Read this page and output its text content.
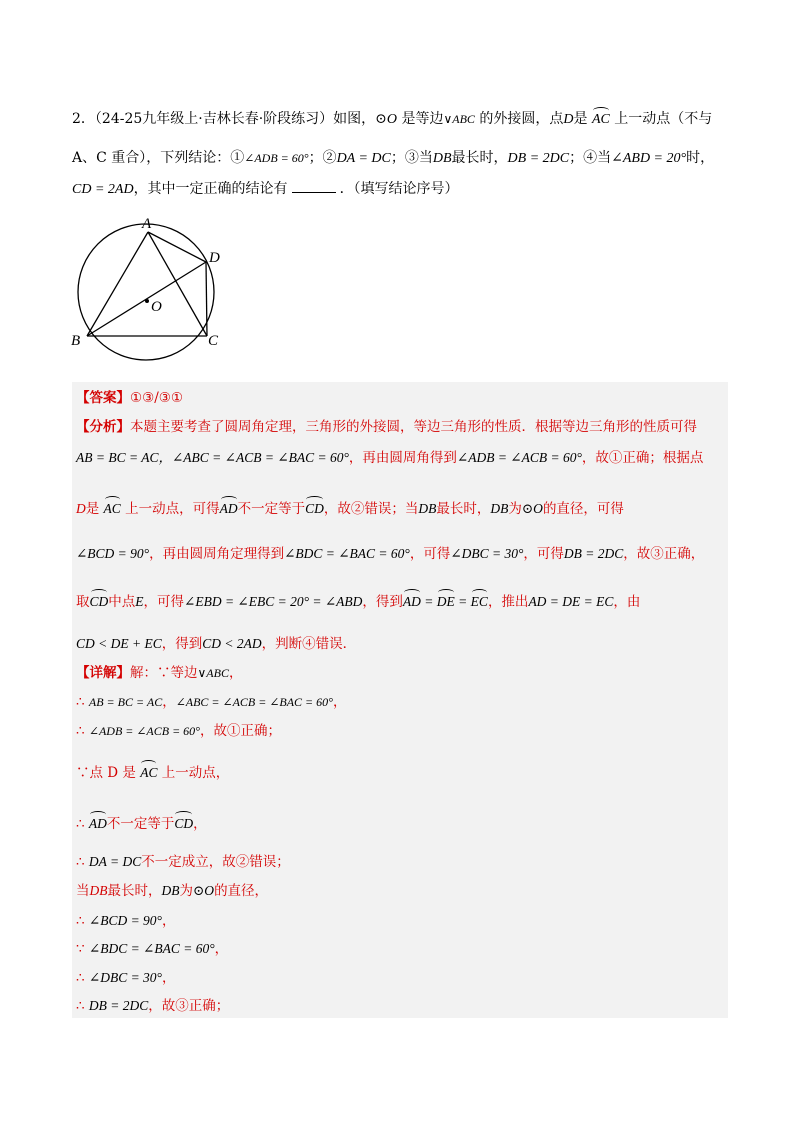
2．（24-25九年级上·吉林长春·阶段练习）如图，⊙O 是等边∨ABC 的外接圆，点D是 AC 上一动点（不与
A、C 重合），下列结论：①∠ADB = 60°；②DA = DC；③当DB最长时，DB = 2DC；④当∠ABD = 20°时，
CD = 2AD，其中一定正确的结论有	．（填写结论序号）
A
D
O
B	C
【答案】①③/③①
【分析】本题主要考查了圆周角定理，三角形的外接圆，等边三角形的性质．根据等边三角形的性质可得
AB = BC = AC，∠ABC = ∠ACB = ∠BAC = 60°，再由圆周角得到∠ADB = ∠ACB = 60°，故①正确；根据点
D是 AC 上一动点，可得AD不一定等于CD，故②错误；当DB最长时，DB为⊙O的直径，可得
∠BCD = 90°，再由圆周角定理得到∠BDC = ∠BAC = 60°，可得∠DBC = 30°，可得DB = 2DC，故③正确，
取CD中点E，可得∠EBD = ∠EBC = 20° = ∠ABD，得到AD = DE = EC，推出AD = DE = EC，由
CD < DE + EC，得到CD < 2AD，判断④错误．
【详解】解：∵等边∨ABC，
∴ AB = BC = AC，∠ABC = ∠ACB = ∠BAC = 60°，
∴ ∠ADB = ∠ACB = 60°，故①正确；
∵点 D 是 AC 上一动点，
∴ AD不一定等于CD，
∴ DA = DC不一定成立，故②错误；
当DB最长时，DB为⊙O的直径，
∴ ∠BCD = 90°，
∵ ∠BDC = ∠BAC = 60°，
∴ ∠DBC = 30°，
∴ DB = 2DC，故③正确；
